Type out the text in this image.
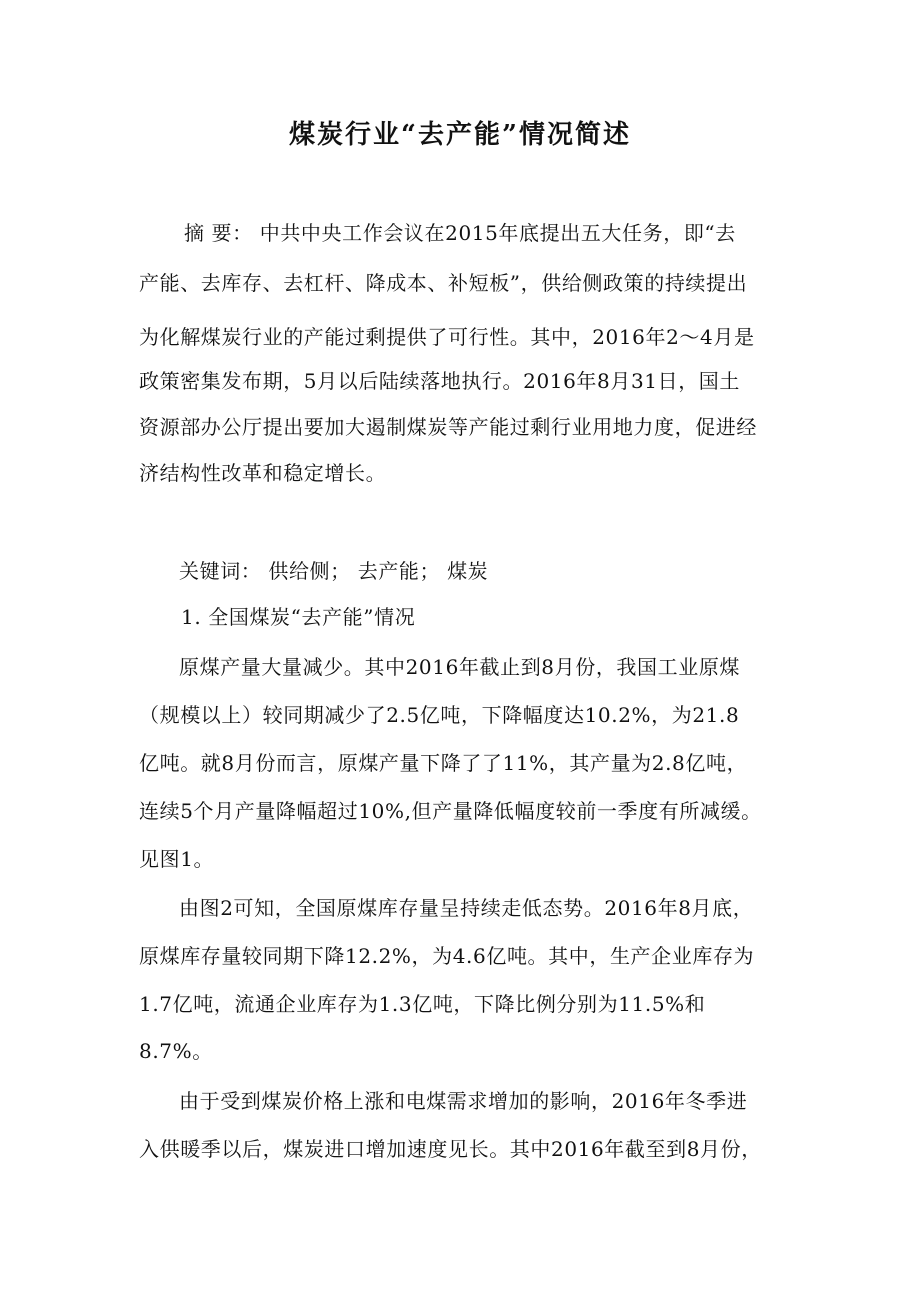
煤炭行业“去产能”情况简述
摘 要： 中共中央工作会议在2015年底提出五大任务，即“去
产能、去库存、去杠杆、降成本、补短板”，供给侧政策的持续提出
为化解煤炭行业的产能过剩提供了可行性。其中，2016年2～4月是
政策密集发布期，5月以后陆续落地执行。2016年8月31日，国土
资源部办公厅提出要加大遏制煤炭等产能过剩行业用地力度，促进经
济结构性改革和稳定增长。
关键词： 供给侧； 去产能； 煤炭
1. 全国煤炭“去产能”情况
原煤产量大量减少。其中2016年截止到8月份，我国工业原煤
（规模以上）较同期减少了2.5亿吨，下降幅度达10.2%，为21.8
亿吨。就8月份而言，原煤产量下降了了11%，其产量为2.8亿吨，
连续5个月产量降幅超过10%,但产量降低幅度较前一季度有所减缓。
见图1。
由图2可知，全国原煤库存量呈持续走低态势。2016年8月底，
原煤库存量较同期下降12.2%，为4.6亿吨。其中，生产企业库存为
1.7亿吨，流通企业库存为1.3亿吨，下降比例分别为11.5%和
8.7%。
由于受到煤炭价格上涨和电煤需求增加的影响，2016年冬季进
入供暖季以后，煤炭进口增加速度见长。其中2016年截至到8月份，
